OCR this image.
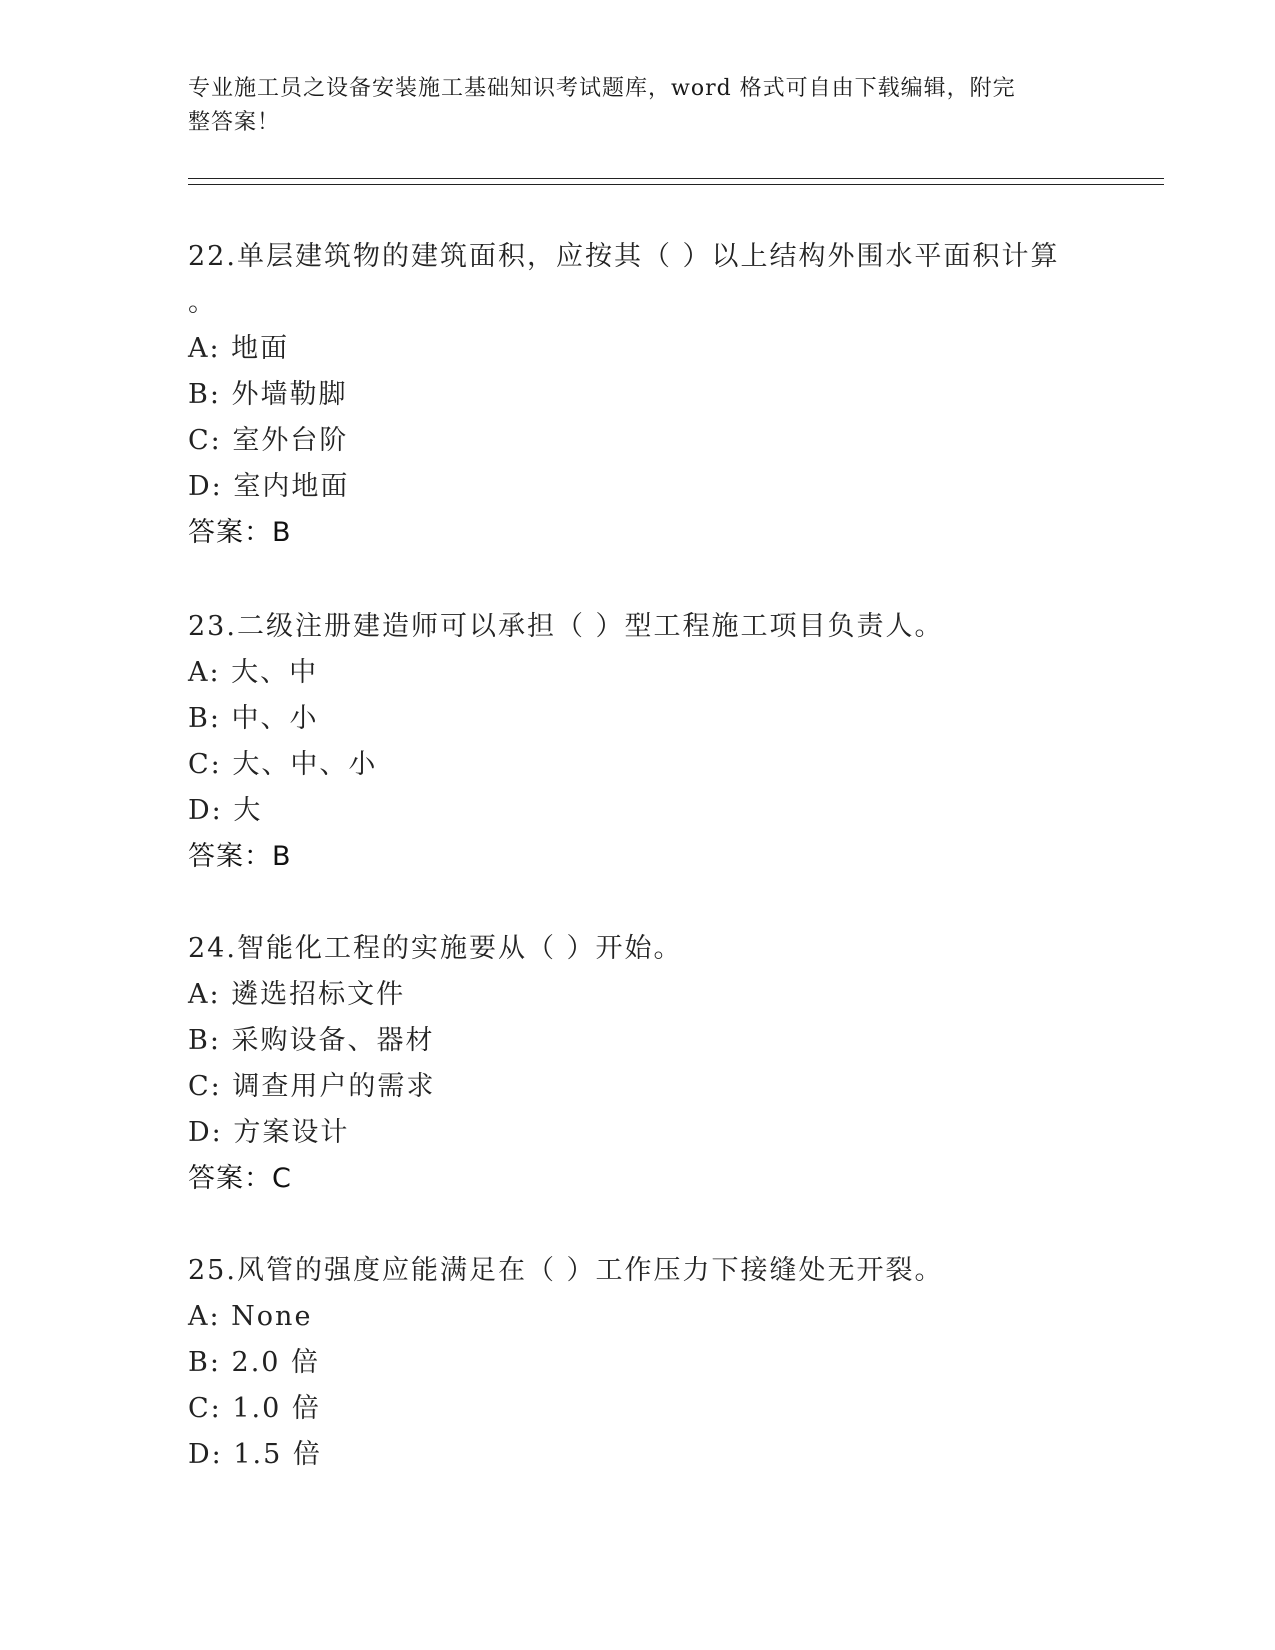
专业施工员之设备安装施工基础知识考试题库，word 格式可自由下载编辑，附完
整答案！
22.单层建筑物的建筑面积，应按其（ ）以上结构外围水平面积计算
。
A: 地面
B: 外墙勒脚
C: 室外台阶
D: 室内地面
答案：B
23.二级注册建造师可以承担（ ）型工程施工项目负责人。
A: 大、中
B: 中、小
C: 大、中、小
D: 大
答案：B
24.智能化工程的实施要从（ ）开始。
A: 遴选招标文件
B: 采购设备、器材
C: 调查用户的需求
D: 方案设计
答案：C
25.风管的强度应能满足在（ ）工作压力下接缝处无开裂。
A: None
B: 2.0 倍
C: 1.0 倍
D: 1.5 倍
